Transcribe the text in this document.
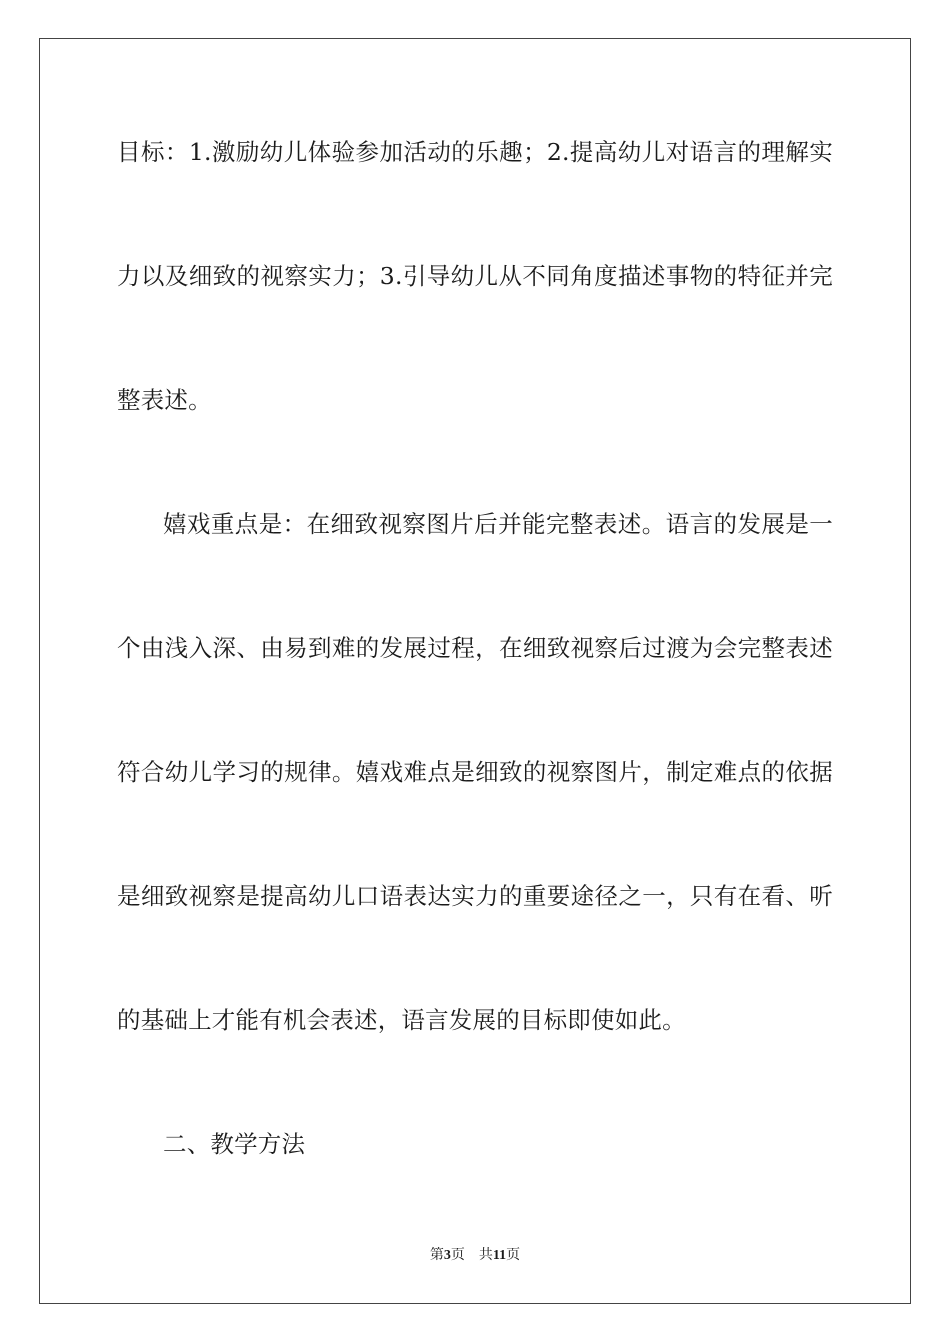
目标：1.激励幼儿体验参加活动的乐趣；2.提高幼儿对语言的理解实
力以及细致的视察实力；3.引导幼儿从不同角度描述事物的特征并完
整表述。
嬉戏重点是：在细致视察图片后并能完整表述。语言的发展是一
个由浅入深、由易到难的发展过程，在细致视察后过渡为会完整表述
符合幼儿学习的规律。嬉戏难点是细致的视察图片，制定难点的依据
是细致视察是提高幼儿口语表达实力的重要途径之一，只有在看、听
的基础上才能有机会表述，语言发展的目标即使如此。
二、教学方法
第3页 共11页
